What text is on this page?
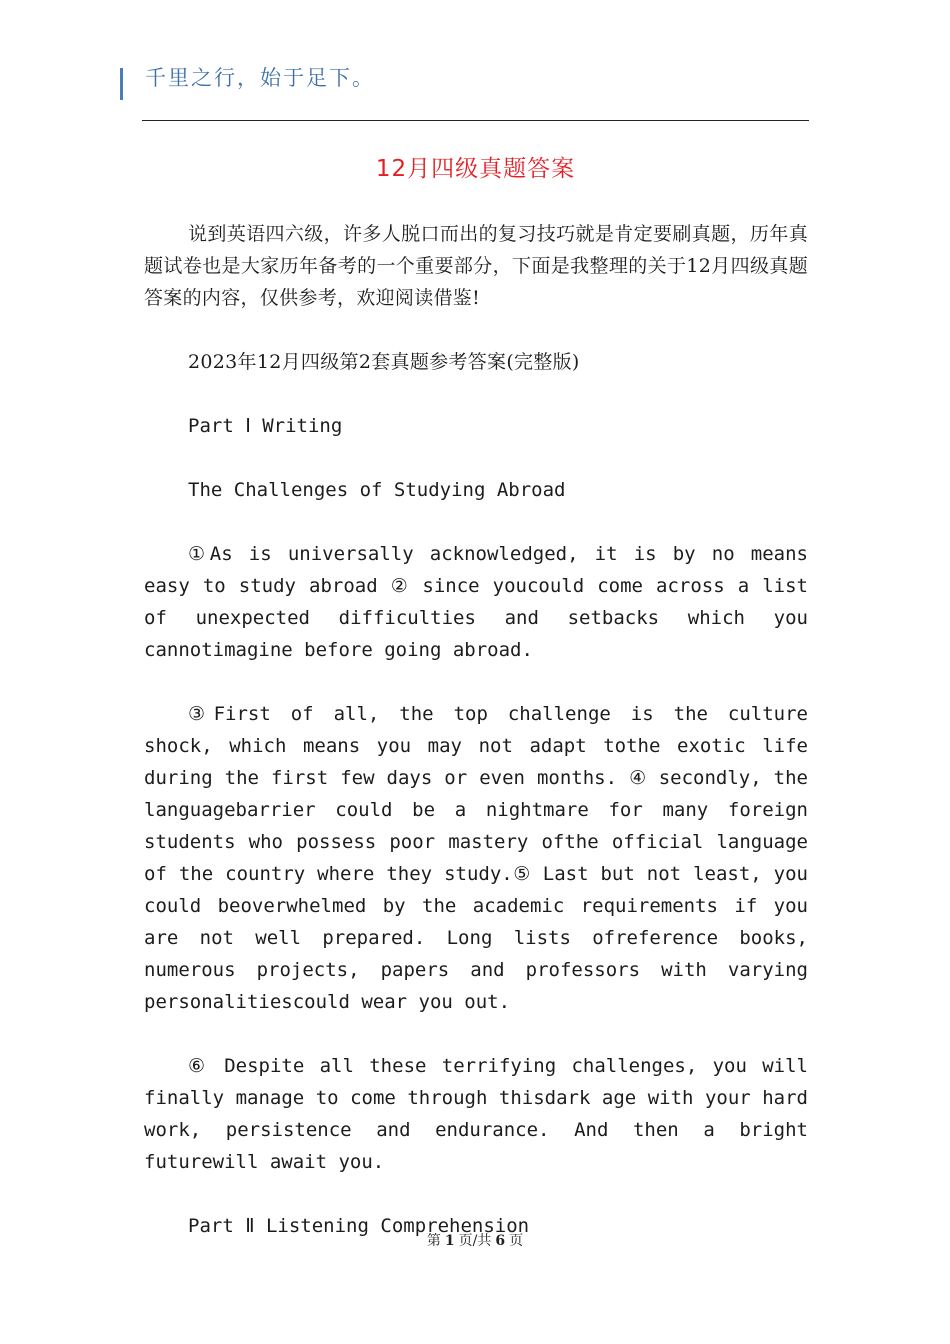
千里之行，始于足下。
12月四级真题答案

说到英语四六级，许多人脱口而出的复习技巧就是肯定要刷真题，历年真题试卷也是大家历年备考的一个重要部分，下面是我整理的关于12月四级真题答案的内容，仅供参考，欢迎阅读借鉴!

2023年12月四级第2套真题参考答案(完整版)

Part Ⅰ Writing

The Challenges of Studying Abroad

①As is universally acknowledged, it is by no means easy to study abroad ② since youcould come across a list of unexpected difficulties and setbacks which you cannotimagine before going abroad.

③First of all, the top challenge is the culture shock, which means you may not adapt tothe exotic life during the first few days or even months. ④ secondly, the languagebarrier could be a nightmare for many foreign students who possess poor mastery ofthe official language of the country where they study.⑤ Last but not least, you could beoverwhelmed by the academic requirements if you are not well prepared. Long lists ofreference books, numerous projects, papers and professors with varying personalitiescould wear you out.

⑥ Despite all these terrifying challenges, you will finally manage to come through thisdark age with your hard work, persistence and endurance. And then a bright futurewill await you.

Part Ⅱ Listening Comprehension

第 1 页/共 6 页
